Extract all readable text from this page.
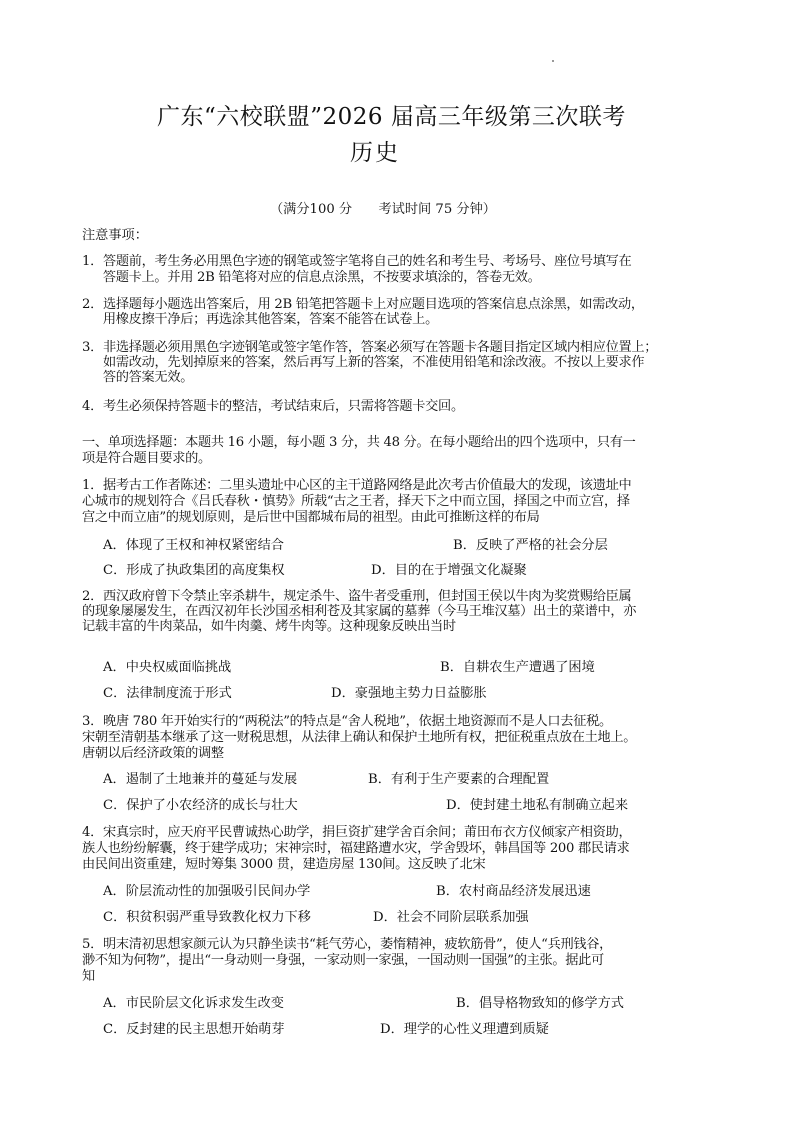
广东“六校联盟”2026 届高三年级第三次联考
历史
（满分100 分　　考试时间 75 分钟）
注意事项：
1．答题前，考生务必用黑色字迹的钢笔或签字笔将自己的姓名和考生号、考场号、座位号填写在
　答题卡上。并用 2B 铅笔将对应的信息点涂黑，不按要求填涂的，答卷无效。
2．选择题每小题选出答案后，用 2B 铅笔把答题卡上对应题目选项的答案信息点涂黑，如需改动，
　用橡皮擦干净后；再选涂其他答案，答案不能答在试卷上。
3．非选择题必须用黑色字迹钢笔或签字笔作答，答案必须写在答题卡各题目指定区域内相应位置上；
如需改动，先划掉原来的答案，然后再写上新的答案，不准使用铅笔和涂改液。不按以上要求作
　答的答案无效。
4．考生必须保持答题卡的整洁，考试结束后，只需将答题卡交回。
一、单项选择题：本题共 16 小题，每小题 3 分，共 48 分。在每小题给出的四个选项中，只有一
项是符合题目要求的。
1．据考古工作者陈述：二里头遗址中心区的主干道路网络是此次考古价值最大的发现，该遗址中
心城市的规划符合《吕氏春秋・慎势》所载“古之王者，择天下之中而立国，择国之中而立宫，择
宫之中而立庙”的规划原则，是后世中国都城布局的祖型。由此可推断这样的布局
A．体现了王权和神权紧密结合	B．反映了严格的社会分层
C．形成了执政集团的高度集权	D．目的在于增强文化凝聚
2．西汉政府曾下令禁止宰杀耕牛，规定杀牛、盗牛者受重刑，但封国王侯以牛肉为奖赏赐给臣属
的现象屡屡发生，在西汉初年长沙国丞相利苍及其家属的墓葬（今马王堆汉墓）出土的菜谱中，亦
记载丰富的牛肉菜品，如牛肉羹、烤牛肉等。这种现象反映出当时
A．中央权威面临挑战	B．自耕农生产遭遇了困境
C．法律制度流于形式	D．豪强地主势力日益膨胀
3．晚唐 780 年开始实行的“两税法”的特点是“舍人税地”，依据土地资源而不是人口去征税。
宋朝至清朝基本继承了这一财税思想，从法律上确认和保护土地所有权，把征税重点放在土地上。
唐朝以后经济政策的调整
A．遏制了土地兼并的蔓延与发展	B．有利于生产要素的合理配置
C．保护了小农经济的成长与壮大	D．使封建土地私有制确立起来
4．宋真宗时，应天府平民曹诚热心助学，捐巨资扩建学舍百余间；莆田布衣方仪倾家产相资助，
族人也纷纷解囊，终于建学成功；宋神宗时，福建路遭水灾，学舍毁坏，韩昌国等 200 郡民请求
由民间出资重建，短时筹集 3000 贯，建造房屋 130间。这反映了北宋
A．阶层流动性的加强吸引民间办学	B．农村商品经济发展迅速
C．积贫积弱严重导致教化权力下移	D．社会不同阶层联系加强
5．明末清初思想家颜元认为只静坐读书“耗气劳心，萎惰精神，疲软筋骨”，使人“兵刑钱谷，
渺不知为何物”，提出“一身动则一身强，一家动则一家强，一国动则一国强”的主张。据此可
知
A．市民阶层文化诉求发生改变	B．倡导格物致知的修学方式
C．反封建的民主思想开始萌芽	D．理学的心性义理遭到质疑
